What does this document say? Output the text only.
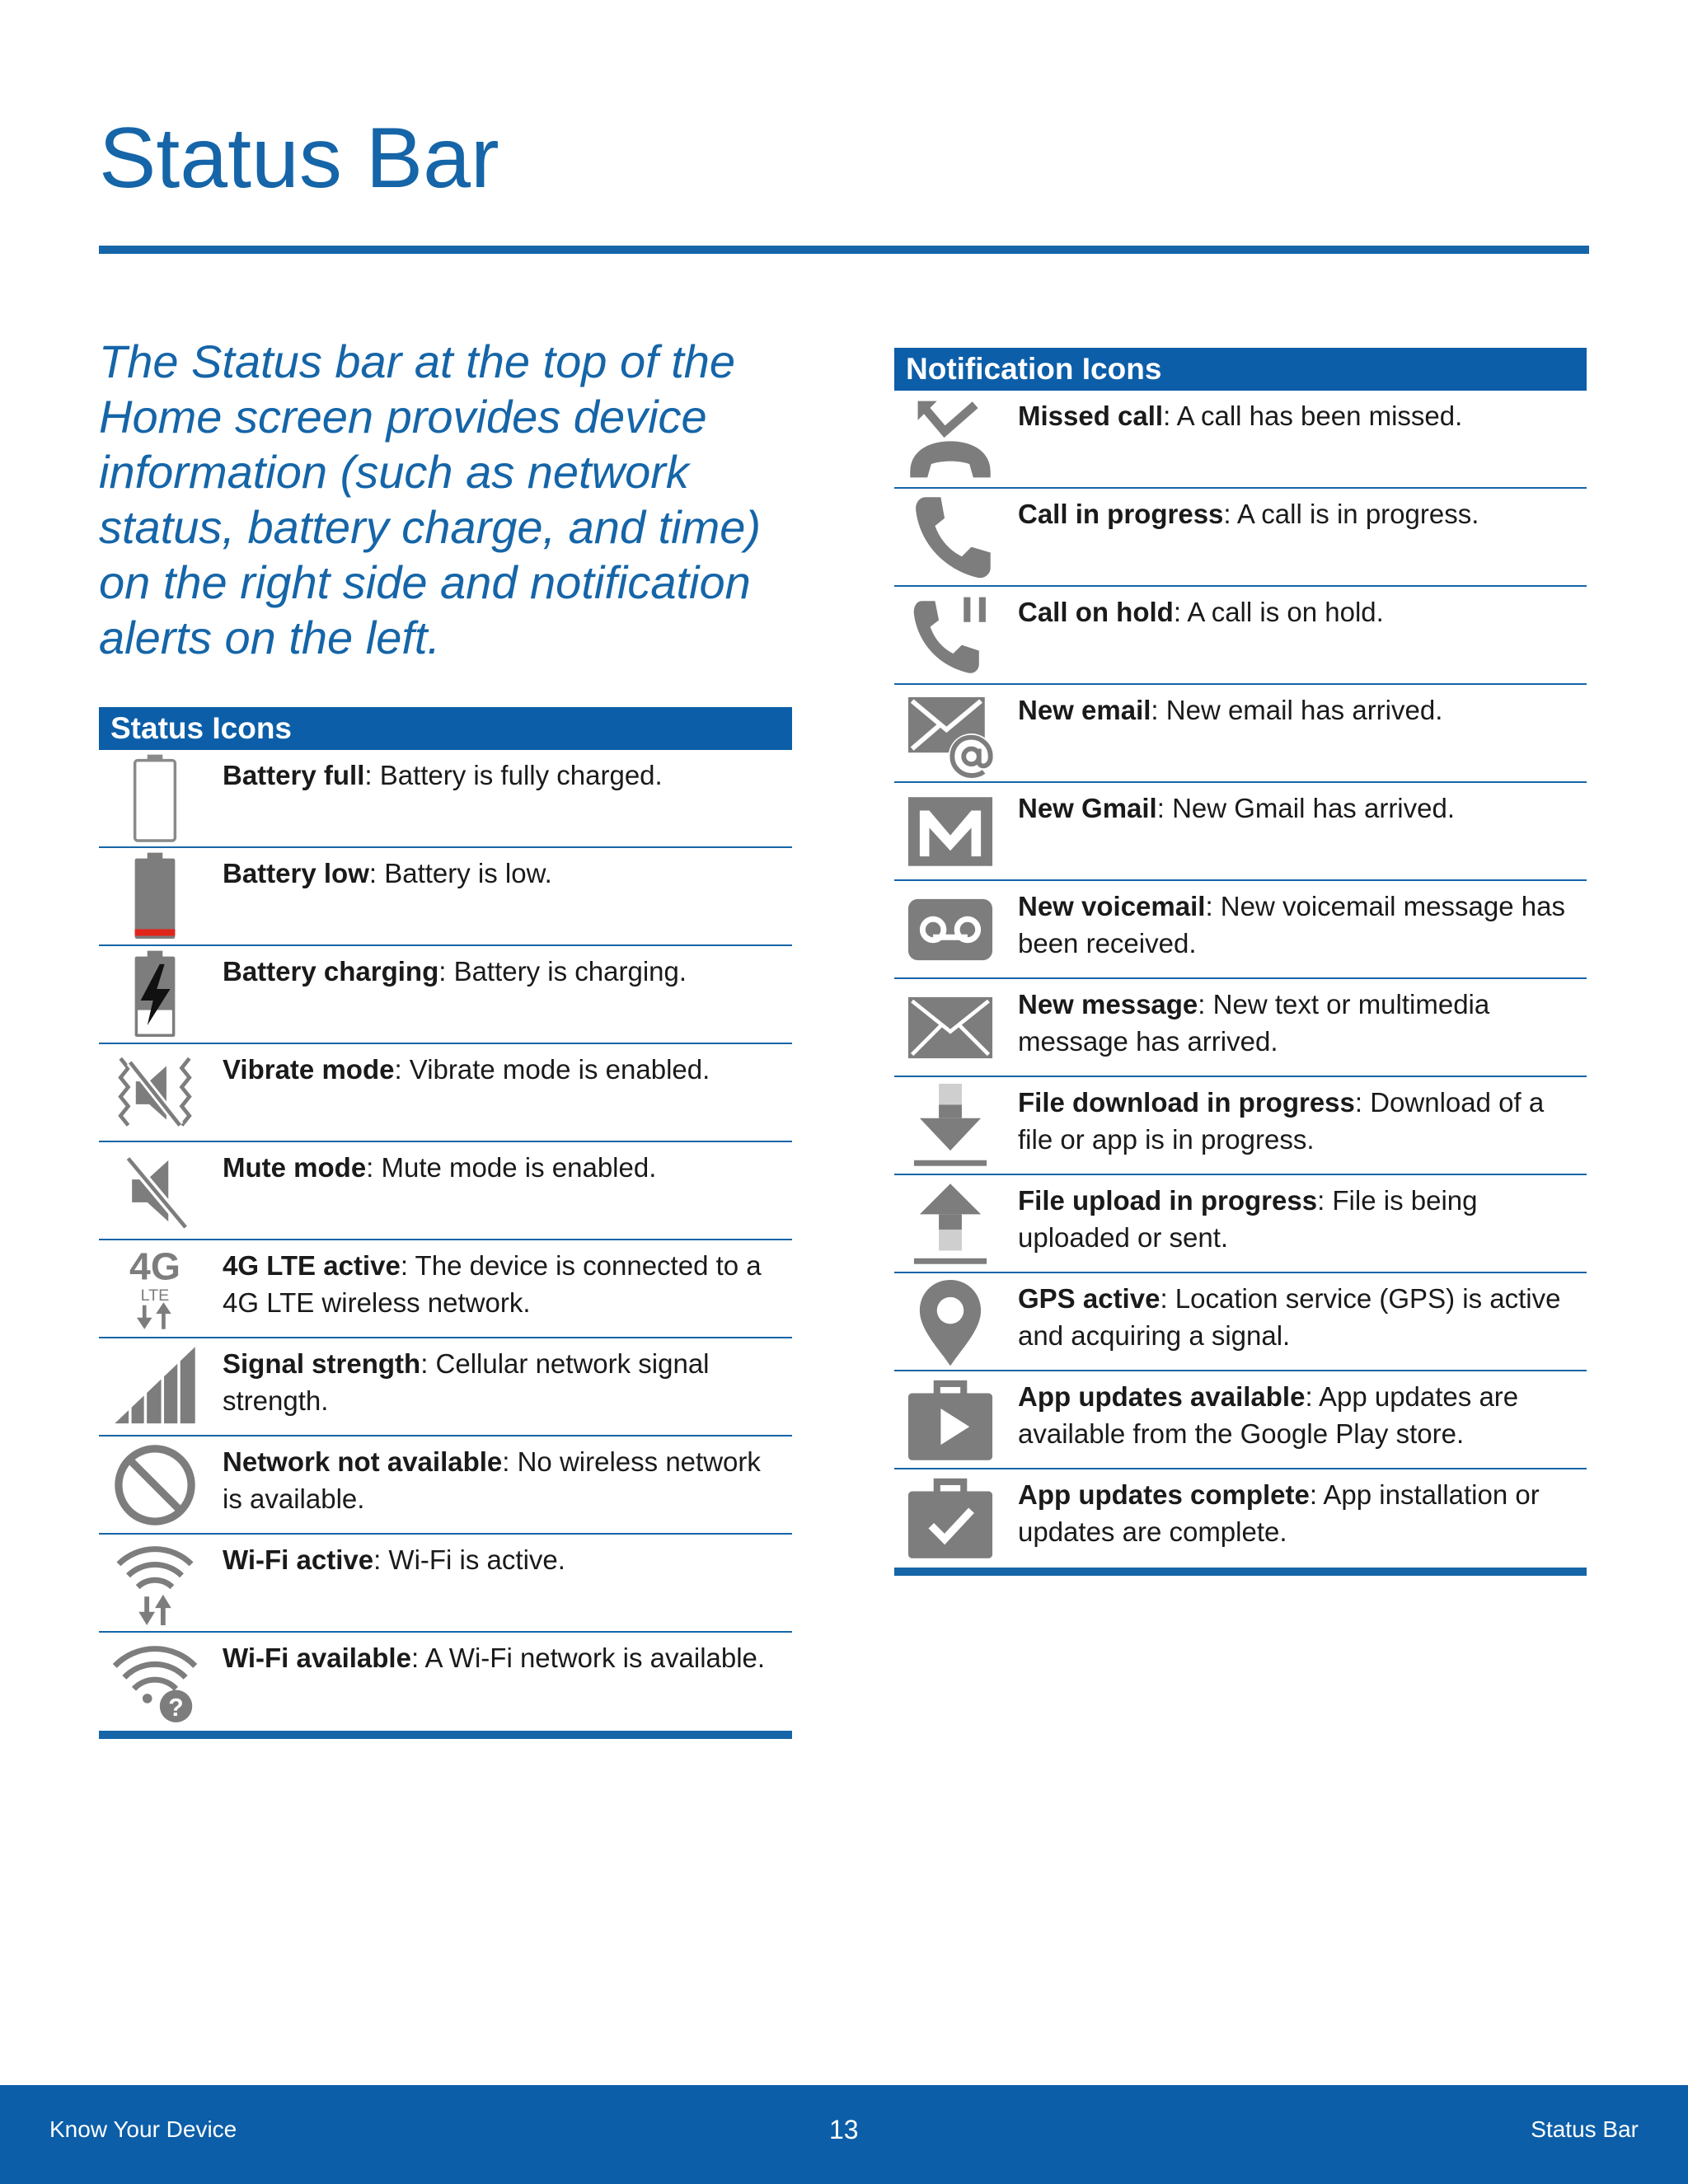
Status Bar

The Status bar at the top of the Home screen provides device information (such as network status, battery charge, and time) on the right side and notification alerts on the left.

Status Icons
Battery full: Battery is fully charged.
Battery low: Battery is low.
Battery charging: Battery is charging.
Vibrate mode: Vibrate mode is enabled.
Mute mode: Mute mode is enabled.
4G
LTE
4G LTE active: The device is connected to a 4G LTE wireless network.
Signal strength: Cellular network signal strength.
Network not available: No wireless network is available.
Wi-Fi active: Wi-Fi is active.
?
Wi-Fi available: A Wi-Fi network is available.
Notification Icons
Missed call: A call has been missed.
Call in progress: A call is in progress.
Call on hold: A call is on hold.
New email: New email has arrived.
New Gmail: New Gmail has arrived.
New voicemail: New voicemail message has been received.
New message: New text or multimedia message has arrived.
File download in progress: Download of a file or app is in progress.
File upload in progress: File is being uploaded or sent.
GPS active: Location service (GPS) is active and acquiring a signal.
App updates available: App updates are available from the Google Play store.
App updates complete: App installation or updates are complete.
Know Your Device	13	Status Bar
